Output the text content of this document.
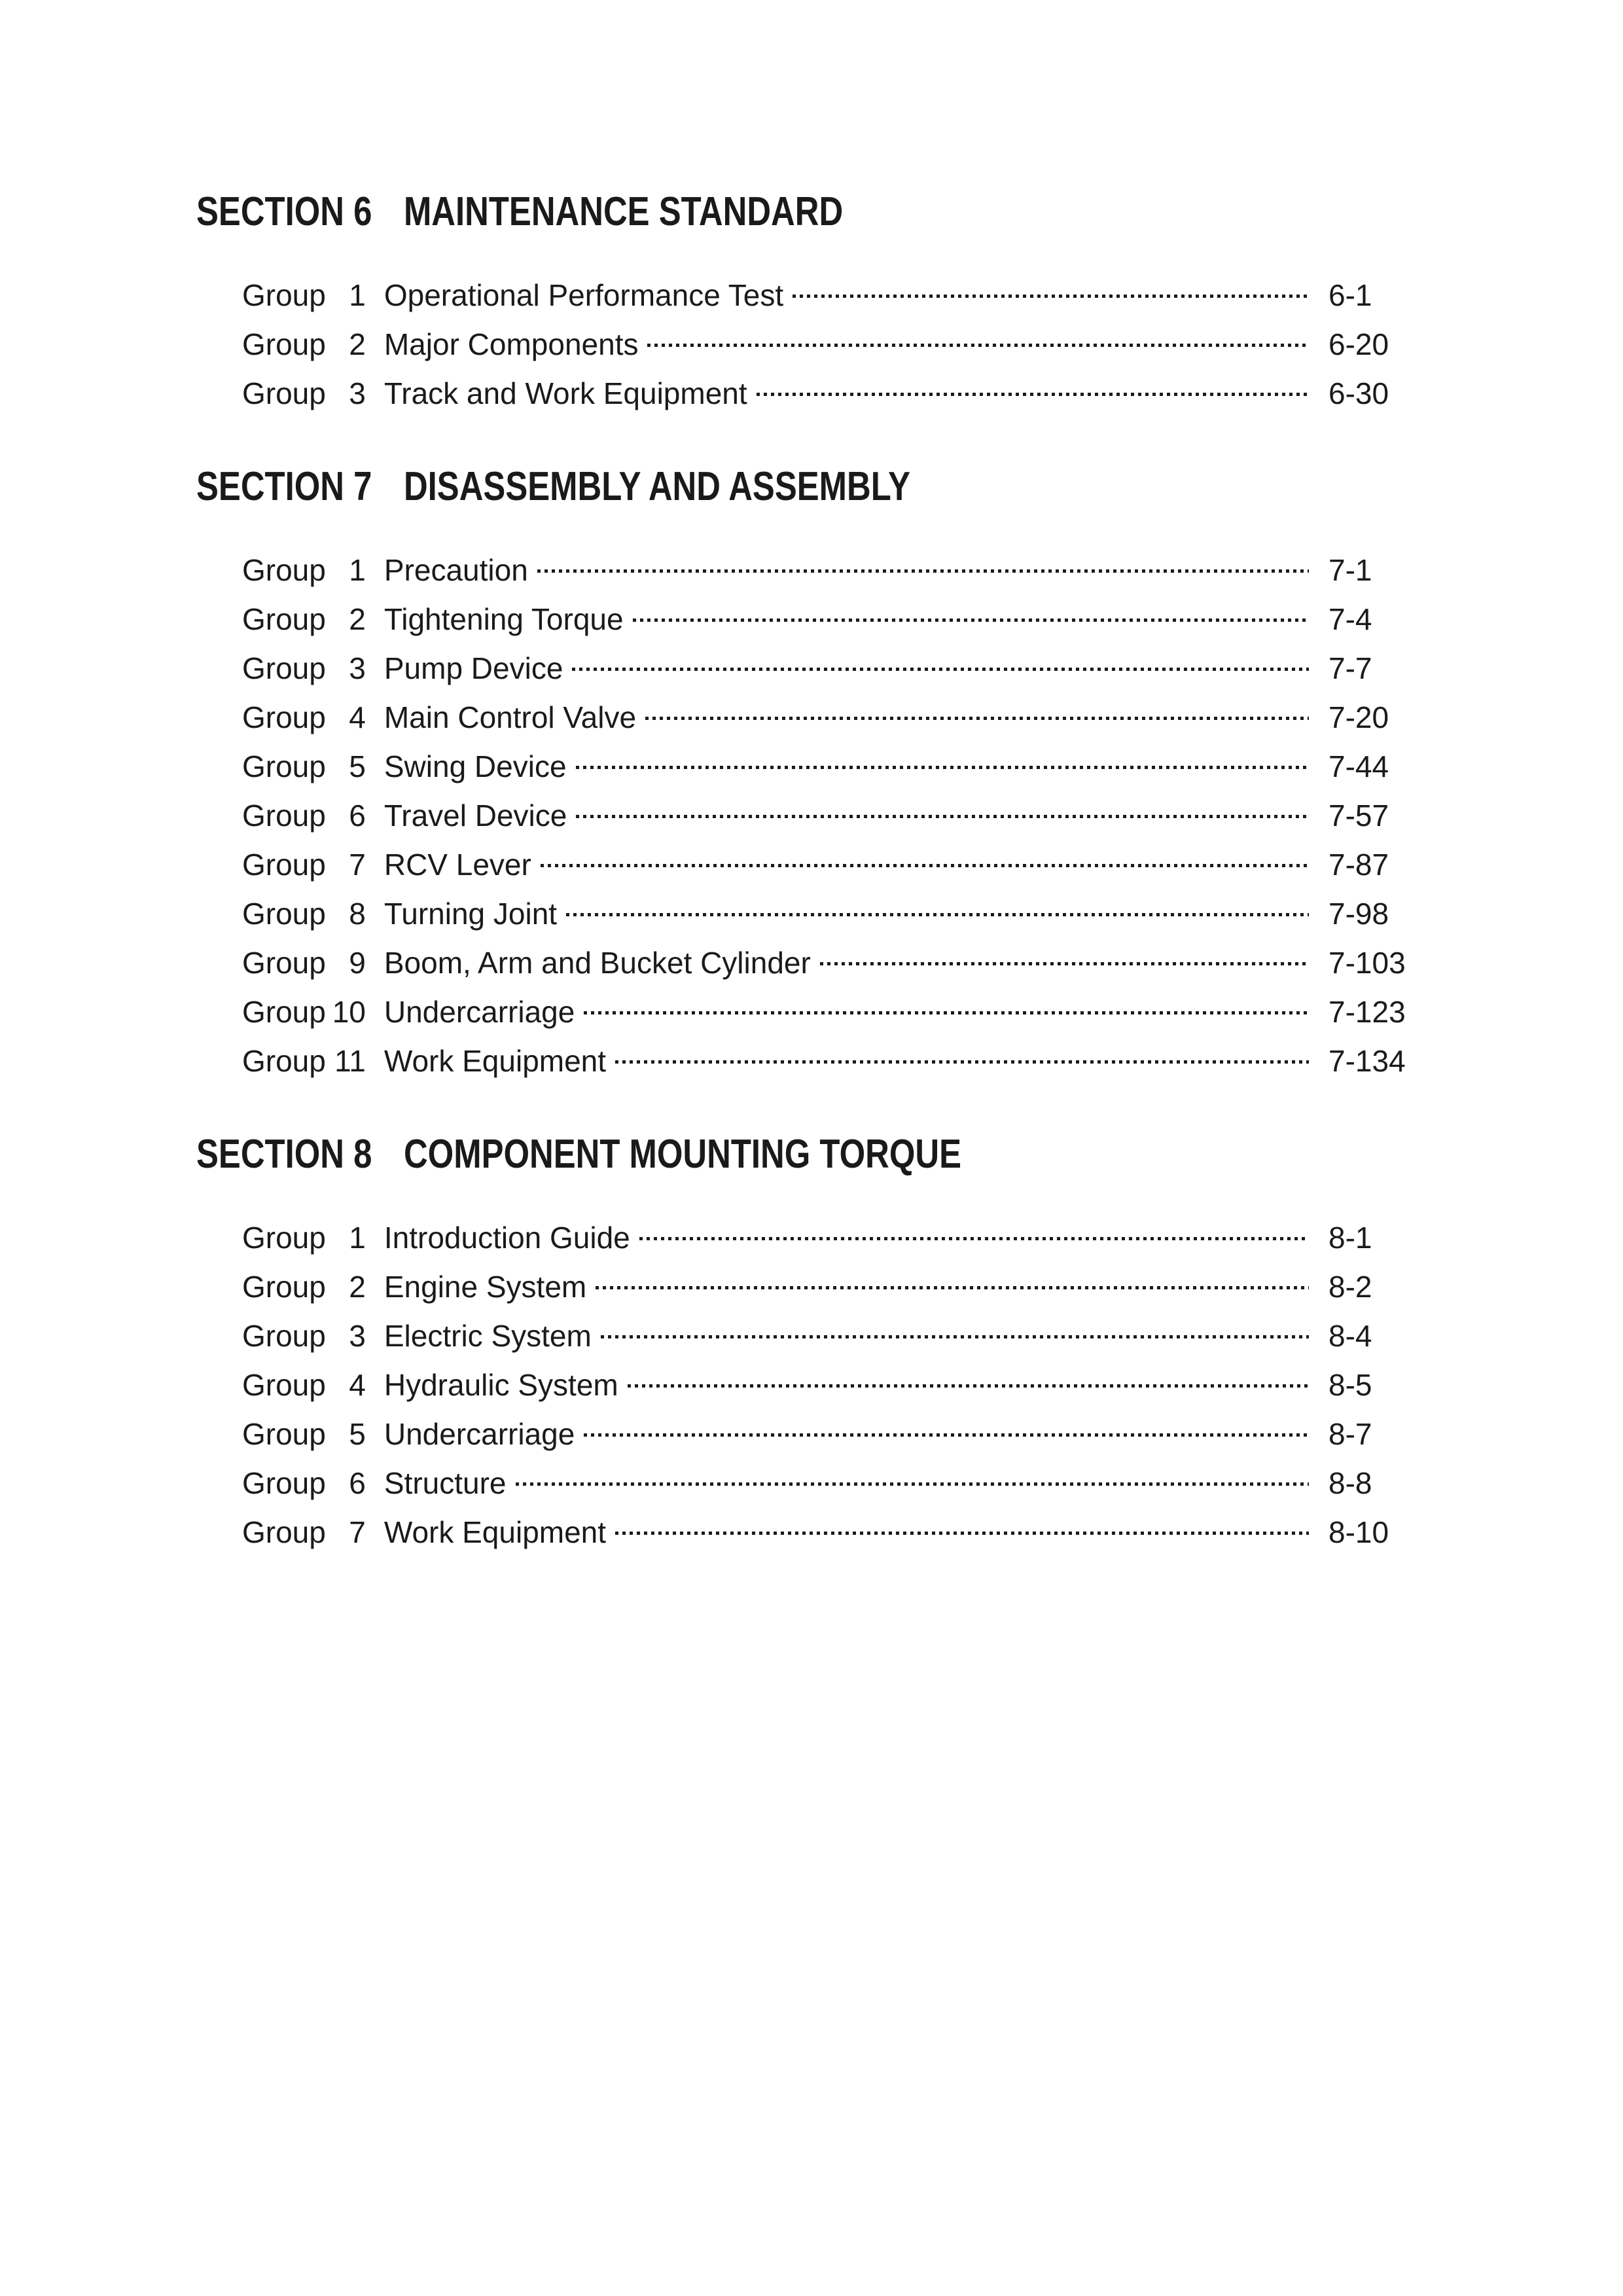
SECTION 6 MAINTENANCE STANDARD
Group 1 Operational Performance Test	6-1
Group 2 Major Components	6-20
Group 3 Track and Work Equipment	6-30
SECTION 7 DISASSEMBLY AND ASSEMBLY
Group 1 Precaution	7-1
Group 2 Tightening Torque	7-4
Group 3 Pump Device	7-7
Group 4 Main Control Valve	7-20
Group 5 Swing Device	7-44
Group 6 Travel Device	7-57
Group 7 RCV Lever	7-87
Group 8 Turning Joint	7-98
Group 9 Boom, Arm and Bucket Cylinder	7-103
Group 10 Undercarriage	7-123
Group 11 Work Equipment	7-134
SECTION 8 COMPONENT MOUNTING TORQUE
Group 1 Introduction Guide	8-1
Group 2 Engine System	8-2
Group 3 Electric System	8-4
Group 4 Hydraulic System	8-5
Group 5 Undercarriage	8-7
Group 6 Structure	8-8
Group 7 Work Equipment	8-10
